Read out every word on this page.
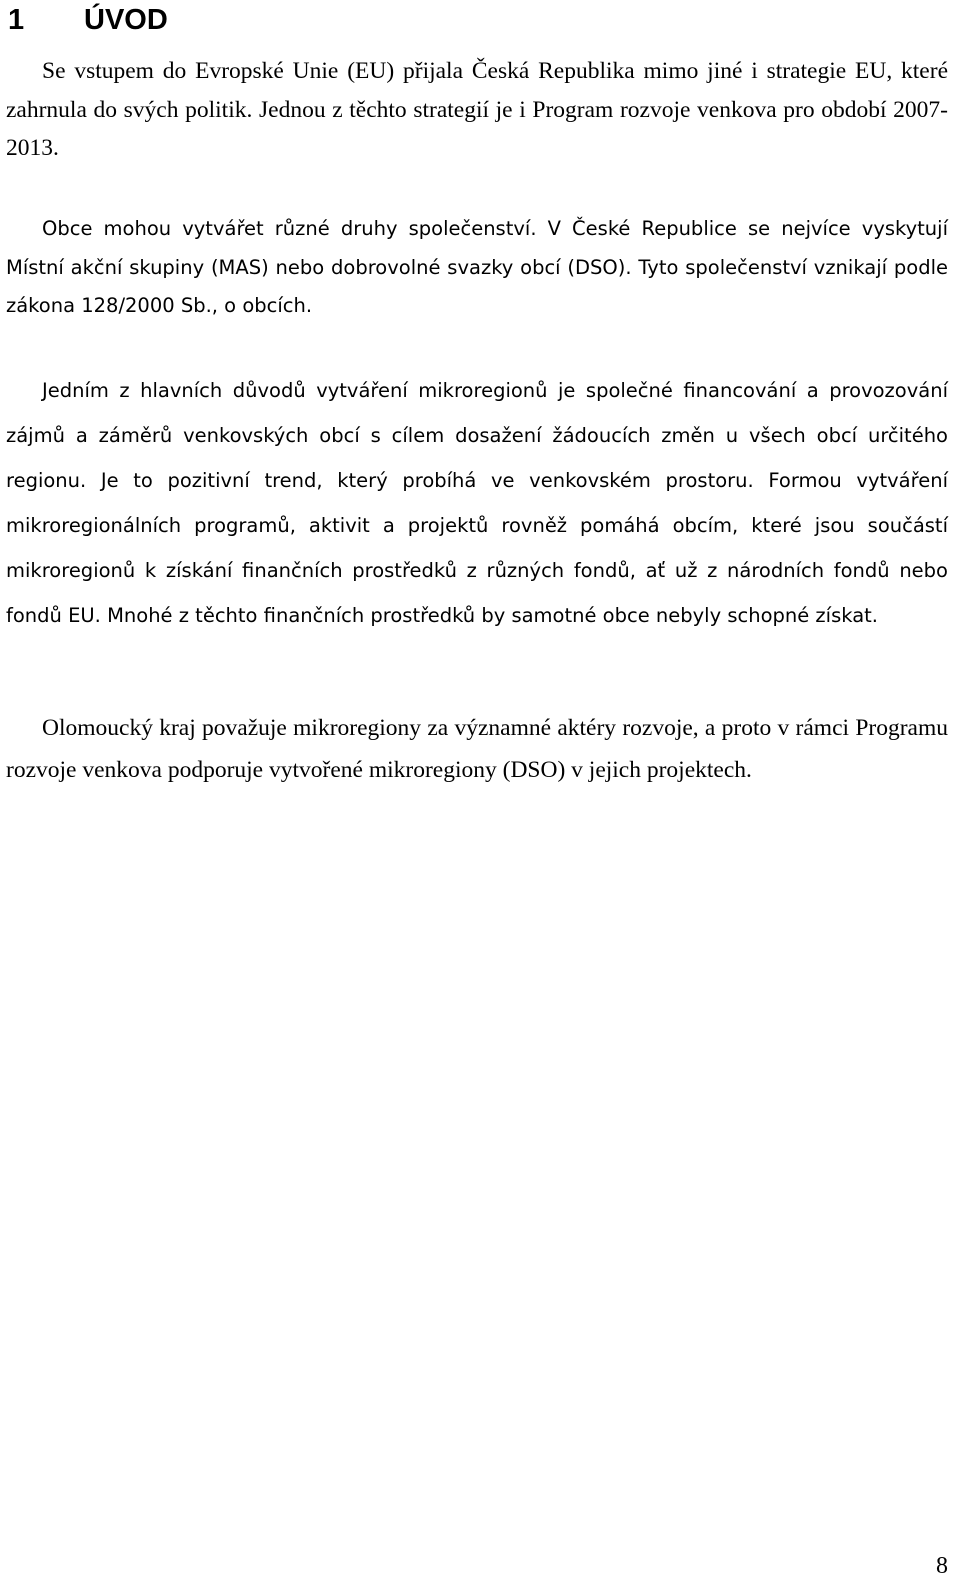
1	ÚVOD

Se vstupem do Evropské Unie (EU) přijala Česká Republika mimo jiné i strategie EU, které zahrnula do svých politik. Jednou z těchto strategií je i Program rozvoje venkova pro období 2007-2013.

Obce mohou vytvářet různé druhy společenství. V České Republice se nejvíce vyskytují Místní akční skupiny (MAS) nebo dobrovolné svazky obcí (DSO). Tyto společenství vznikají podle zákona 128/2000 Sb., o obcích.

Jedním z hlavních důvodů vytváření mikroregionů je společné financování a provozování zájmů a záměrů venkovských obcí s cílem dosažení žádoucích změn u všech obcí určitého regionu. Je to pozitivní trend, který probíhá ve venkovském prostoru. Formou vytváření mikroregionálních programů, aktivit a projektů rovněž pomáhá obcím, které jsou součástí mikroregionů k získání finančních prostředků z různých fondů, ať už z národních fondů nebo fondů EU. Mnohé z těchto finančních prostředků by samotné obce nebyly schopné získat.

Olomoucký kraj považuje mikroregiony za významné aktéry rozvoje, a proto v rámci Programu rozvoje venkova podporuje vytvořené mikroregiony (DSO) v jejich projektech.

8
